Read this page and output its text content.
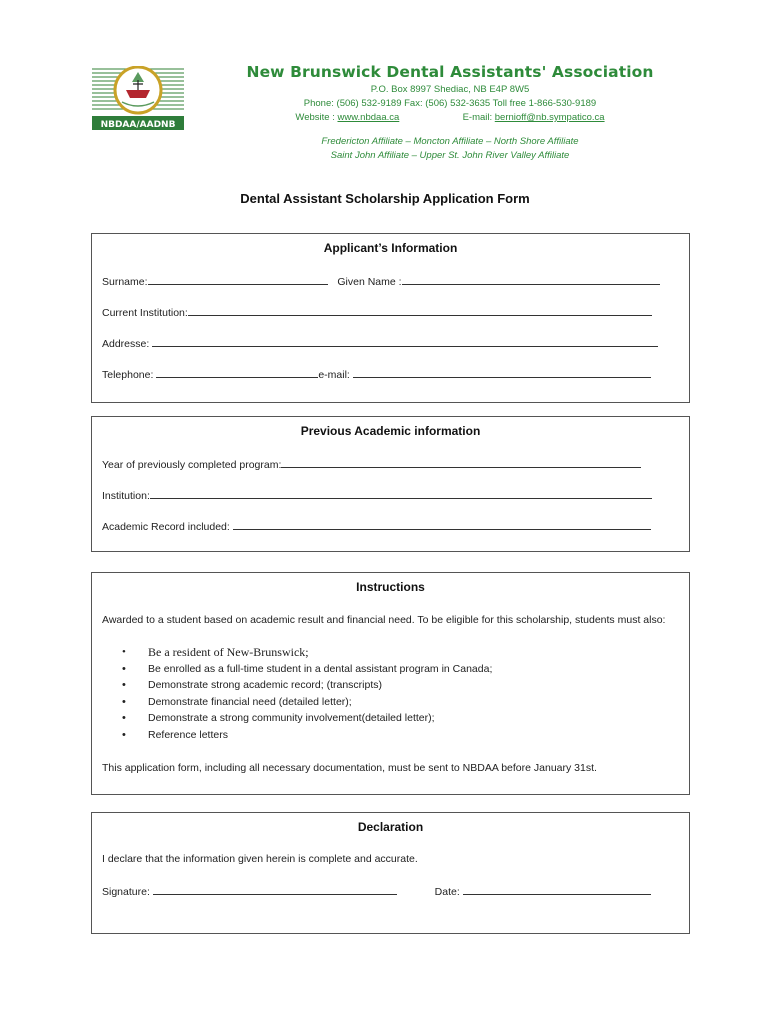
NBDAA/AADNB
New Brunswick Dental Assistants' Association
P.O. Box 8997 Shediac, NB E4P 8W5
Phone: (506) 532-9189 Fax: (506) 532-3635 Toll free 1-866-530-9189
Website : www.nbdaa.ca	E-mail: bernioff@nb.sympatico.ca
Fredericton Affiliate – Moncton Affiliate – North Shore Affiliate
Saint John Affiliate – Upper St. John River Valley Affiliate
Dental Assistant Scholarship Application Form
Applicant’s Information
Surname:	Given Name :
Current Institution:
Addresse:
Telephone:	e-mail:
Previous Academic information
Year of previously completed program:
Institution:
Academic Record included:
Instructions
Awarded to a student based on academic result and financial need. To be eligible for this scholarship, students must also:
• Be a resident of New-Brunswick;
• Be enrolled as a full-time student in a dental assistant program in Canada;
• Demonstrate strong academic record; (transcripts)
• Demonstrate financial need (detailed letter);
• Demonstrate a strong community involvement(detailed letter);
• Reference letters
This application form, including all necessary documentation, must be sent to NBDAA before January 31st.
Declaration
I declare that the information given herein is complete and accurate.
Signature:	Date:
